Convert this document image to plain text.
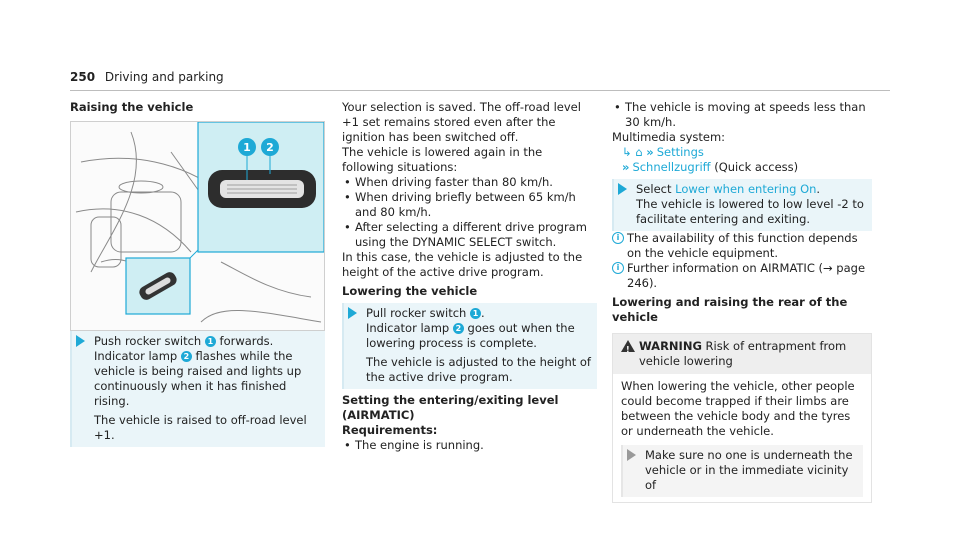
250 Driving and parking
Raising the vehicle
1 2

Push rocker switch 1 forwards.
Indicator lamp 2 flashes while the vehicle is being raised and lights up continuously when it has finished rising.

The vehicle is raised to off-road level +1.

Your selection is saved. The off-road level +1 set remains stored even after the ignition has been switched off.

The vehicle is lowered again in the following situations:

• When driving faster than 80 km/h.
• When driving briefly between 65 km/h and 80 km/h.
• After selecting a different drive program using the DYNAMIC SELECT switch.

In this case, the vehicle is adjusted to the height of the active drive program.

Lowering the vehicle

Pull rocker switch 1 .
Indicator lamp 2 goes out when the lowering process is complete.

The vehicle is adjusted to the height of the active drive program.

Setting the entering/exiting level (AIRMATIC)
Requirements:
• The engine is running.
• The vehicle is moving at speeds less than 30 km/h.

Multimedia system:

↳ ⌂ » Settings
» Schnellzugriff (Quick access)

Select Lower when entering On.

The vehicle is lowered to low level -2 to facilitate entering and exiting.

i The availability of this function depends on the vehicle equipment.

i Further information on AIRMATIC (→ page 246).

Lowering and raising the rear of the vehicle
! WARNING Risk of entrapment from vehicle lowering

When lowering the vehicle, other people could become trapped if their limbs are between the vehicle body and the tyres or underneath the vehicle.

Make sure no one is underneath the vehicle or in the immediate vicinity of
